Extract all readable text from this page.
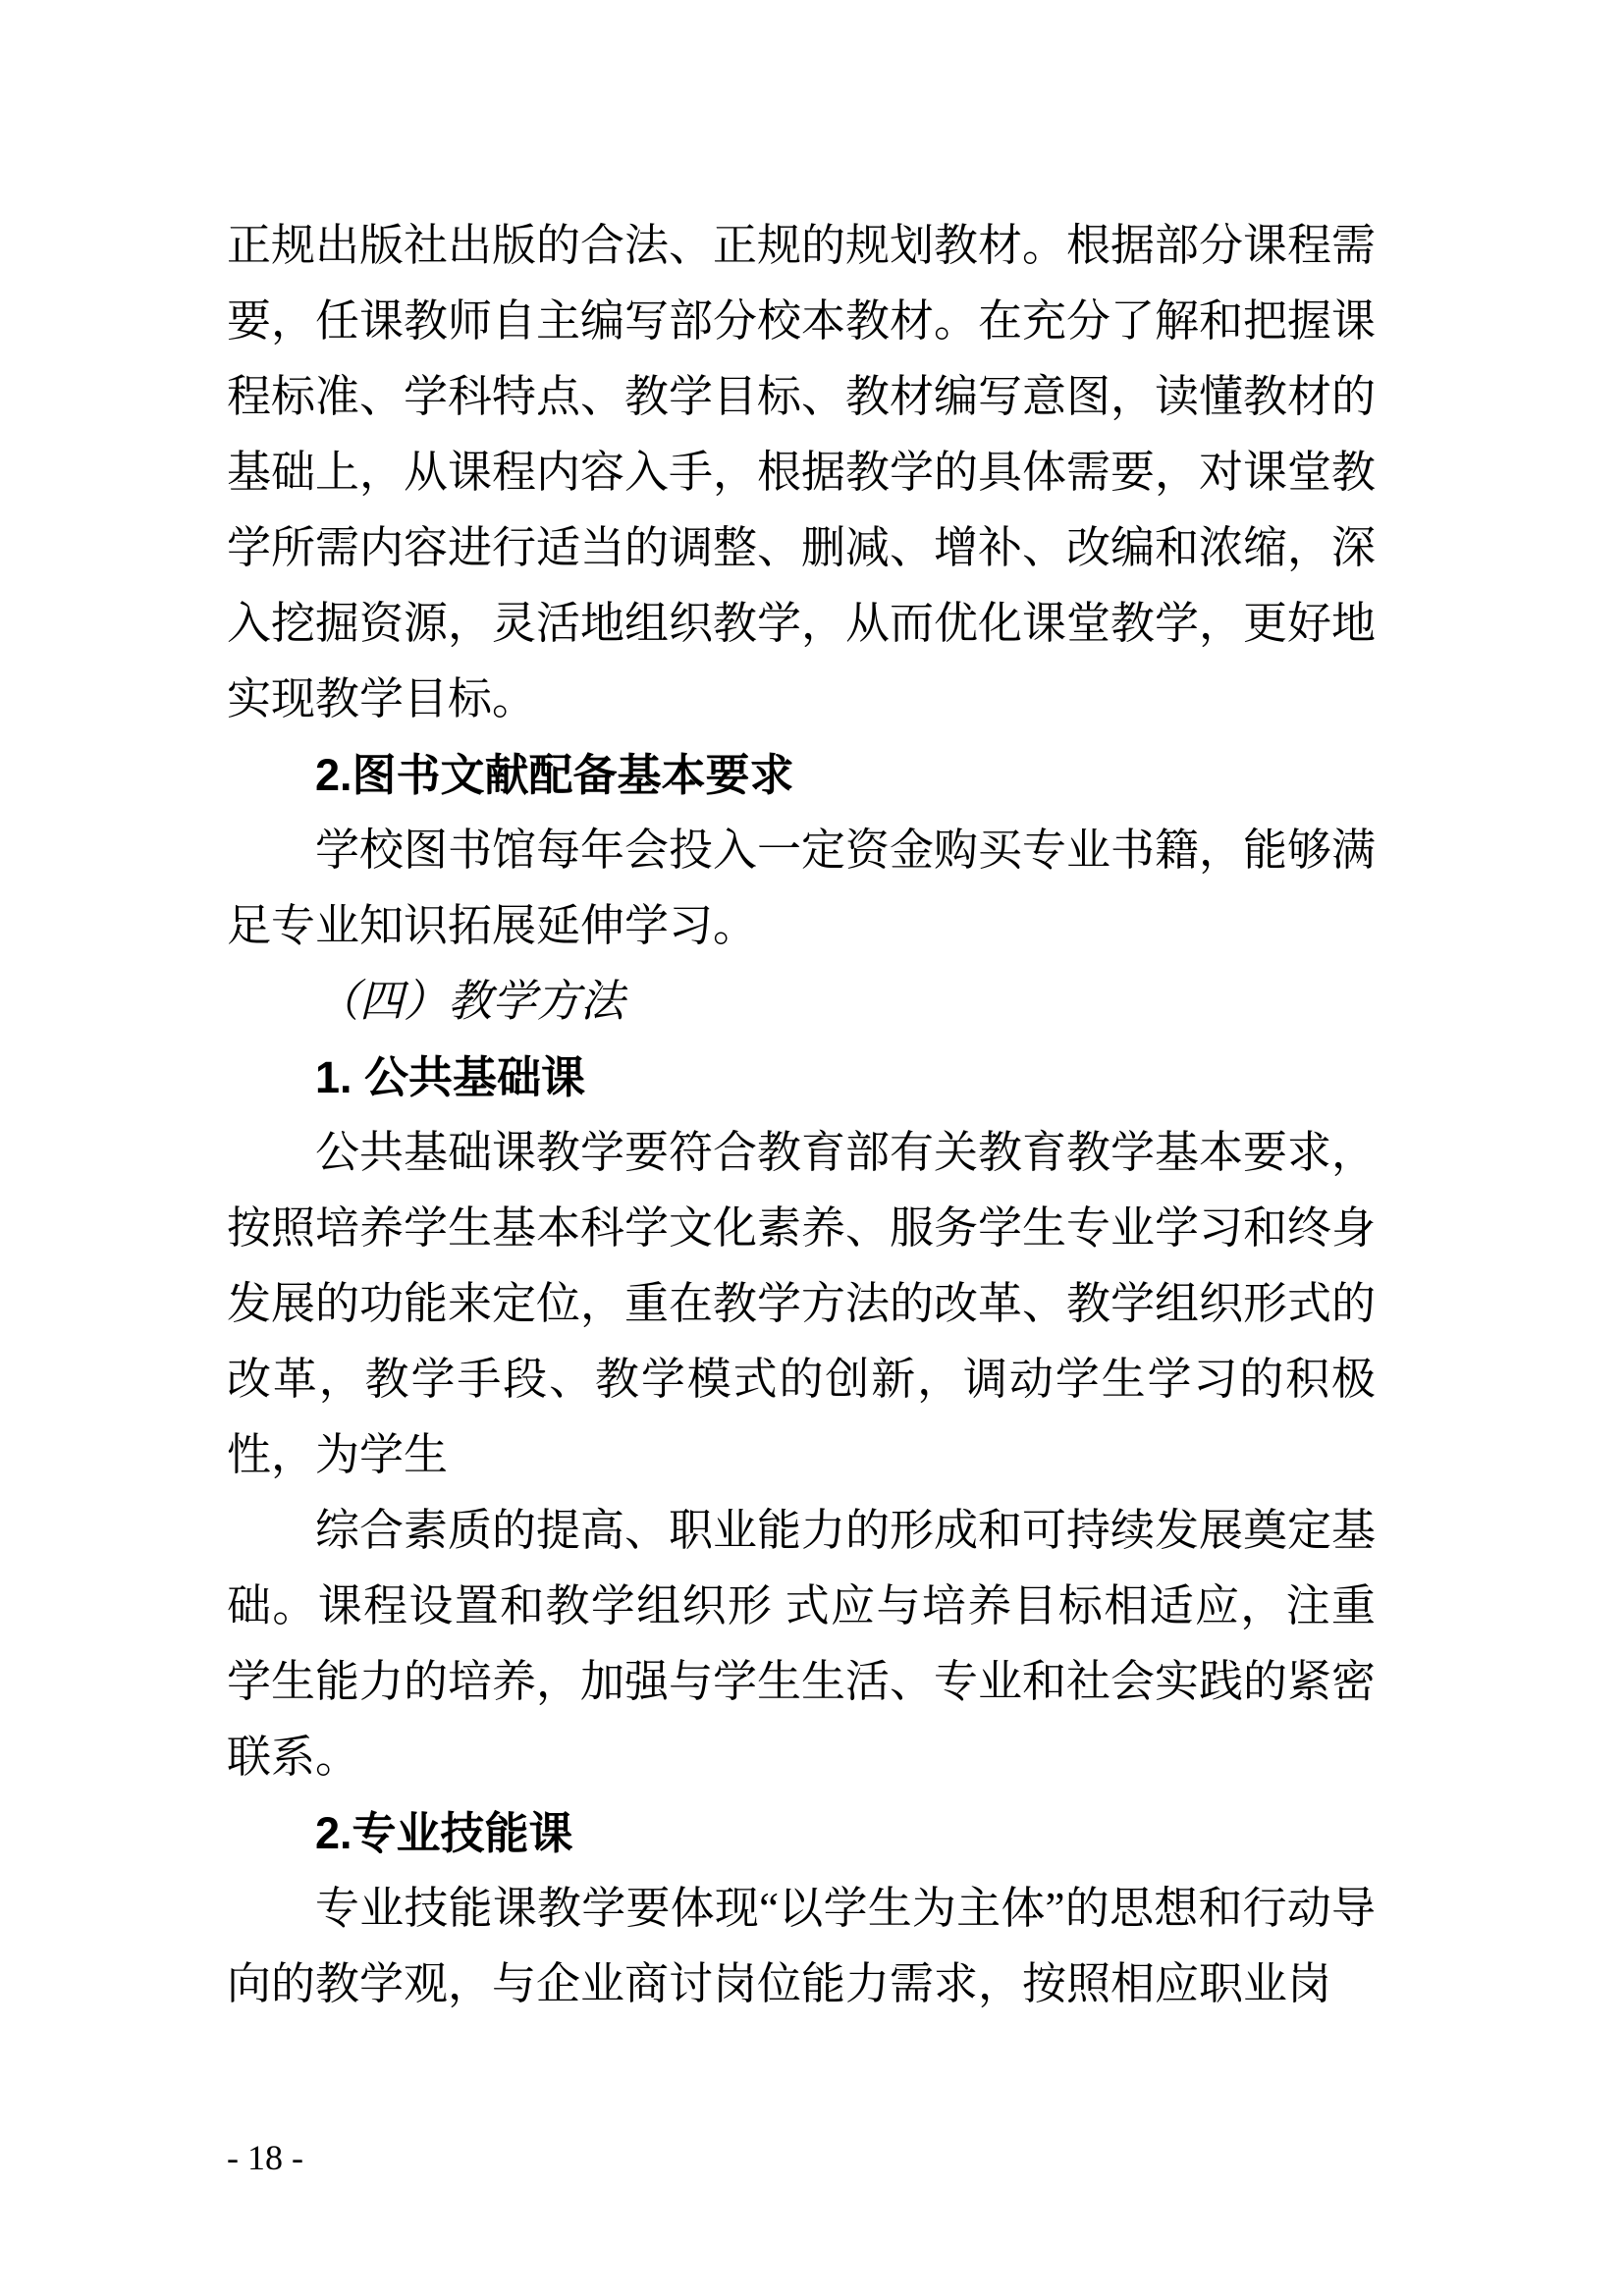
正规出版社出版的合法、正规的规划教材。根据部分课程需要，任课教师自主编写部分校本教材。在充分了解和把握课程标准、学科特点、教学目标、教材编写意图，读懂教材的基础上，从课程内容入手，根据教学的具体需要，对课堂教学所需内容进行适当的调整、删减、增补、改编和浓缩，深入挖掘资源，灵活地组织教学，从而优化课堂教学，更好地实现教学目标。

2.图书文献配备基本要求

学校图书馆每年会投入一定资金购买专业书籍，能够满足专业知识拓展延伸学习。

（四）教学方法

1. 公共基础课

公共基础课教学要符合教育部有关教育教学基本要求，按照培养学生基本科学文化素养、服务学生专业学习和终身发展的功能来定位，重在教学方法的改革、教学组织形式的改革，教学手段、教学模式的创新，调动学生学习的积极性，为学生

综合素质的提高、职业能力的形成和可持续发展奠定基础。课程设置和教学组织形 式应与培养目标相适应，注重学生能力的培养，加强与学生生活、专业和社会实践的紧密联系。

2.专业技能课

专业技能课教学要体现“以学生为主体”的思想和行动导向的教学观，与企业商讨岗位能力需求，按照相应职业岗

- 18 -
